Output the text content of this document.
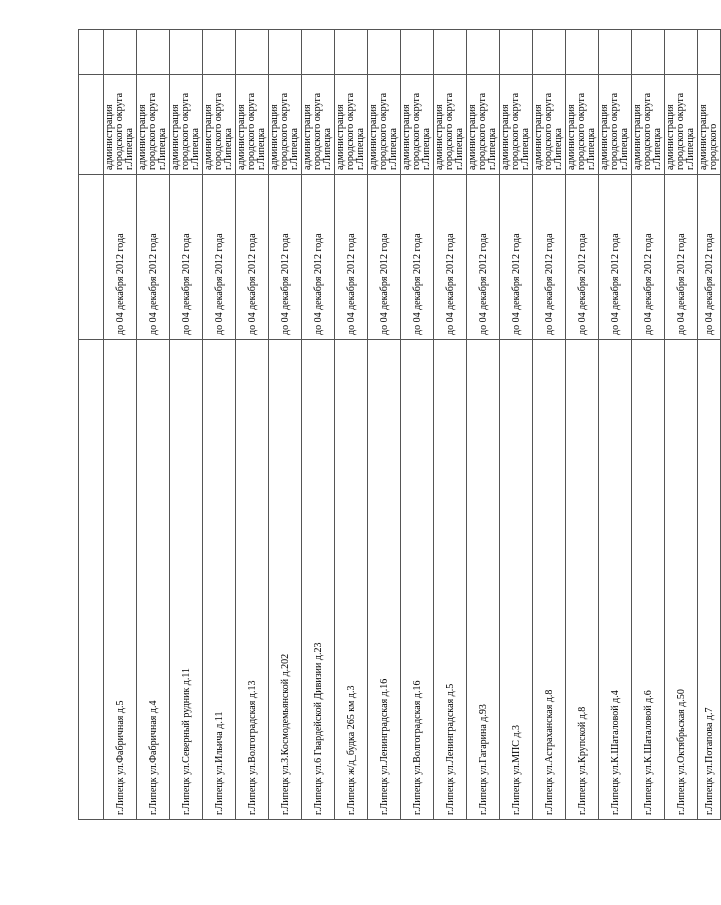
г.Липецк ул.Фабричная д.5	до 04 декабря 2012 года	администрация городского округа г.Липецка	
г.Липецк ул.Фабричная д.4	до 04 декабря 2012 года	администрация городского округа г.Липецка	
г.Липецк ул.Северный рудник д.11	до 04 декабря 2012 года	администрация городского округа г.Липецка	
г.Липецк ул.Ильича д.11	до 04 декабря 2012 года	администрация городского округа г.Липецка	
г.Липецк ул.Волгоградская д.13	до 04 декабря 2012 года	администрация городского округа г.Липецка	
г.Липецк ул.З.Космодемьянской д.202	до 04 декабря 2012 года	администрация городского округа г.Липецка	
г.Липецк ул.6 Гвардейской Дивизии д.23	до 04 декабря 2012 года	администрация городского округа г.Липецка	
г.Липецк ж/д_будка 265 км д.3	до 04 декабря 2012 года	администрация городского округа г.Липецка	
г.Липецк ул.Ленинградская д.16	до 04 декабря 2012 года	администрация городского округа г.Липецка	
г.Липецк ул.Волгоградская д.16	до 04 декабря 2012 года	администрация городского округа г.Липецка	
г.Липецк ул.Ленинградская д.5	до 04 декабря 2012 года	администрация городского округа г.Липецка	
г.Липецк ул.Гагарина д.93	до 04 декабря 2012 года	администрация городского округа г.Липецка	
г.Липецк ул.МПС д.3	до 04 декабря 2012 года	администрация городского округа г.Липецка	
г.Липецк ул.Астраханская д.8	до 04 декабря 2012 года	администрация городского округа г.Липецка	
г.Липецк ул.Крупской д.8	до 04 декабря 2012 года	администрация городского округа г.Липецка	
г.Липецк ул.К.Шаталовой д.4	до 04 декабря 2012 года	администрация городского округа г.Липецка	
г.Липецк ул.К.Шаталовой д.6	до 04 декабря 2012 года	администрация городского округа г.Липецка	
г.Липецк ул.Октябрьская д.50	до 04 декабря 2012 года	администрация городского округа г.Липецка	
г.Липецк ул.Потапова д.7	до 04 декабря 2012 года	администрация городского	
